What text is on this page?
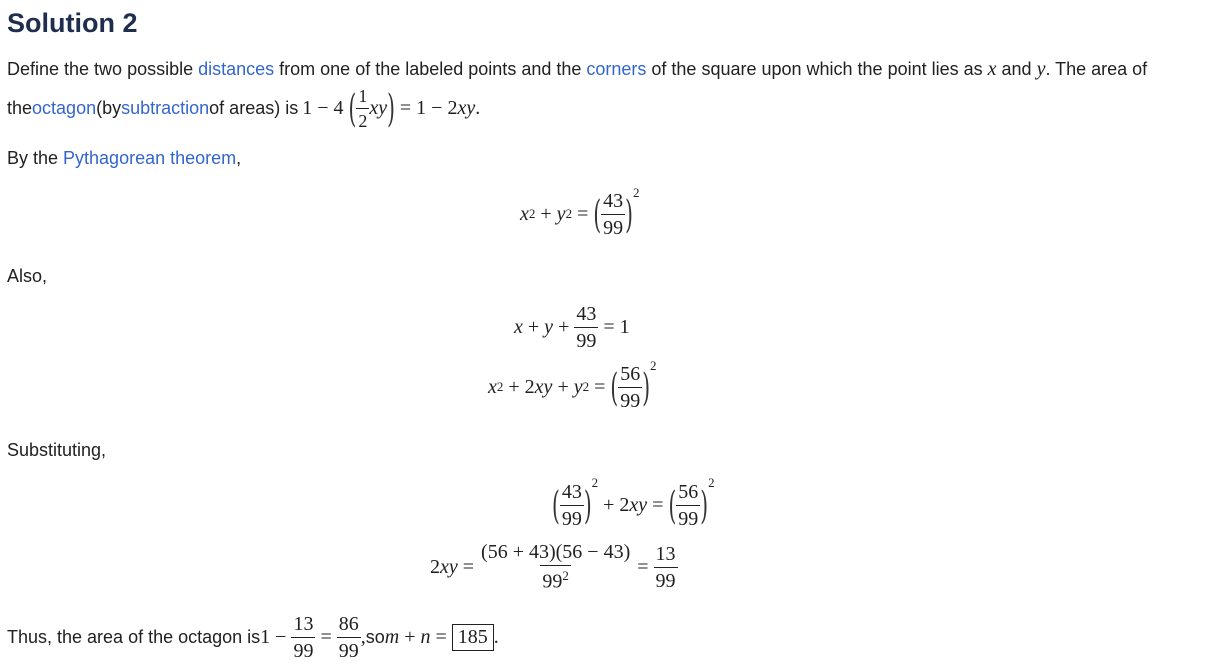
Solution 2
Define the two possible distances from one of the labeled points and the corners of the square upon which the point lies as x and y. The area of
the octagon (by subtraction of areas) is 1 − 4 ( $\frac{1}{2}$ xy ) = 1 − 2 xy .
By the Pythagorean theorem,
x 2 + y 2 = ( $\frac{43}{99}$ ) 2
Also,
$x + y + \frac{43}{99} = 1$
x 2 + 2 xy + y 2 = ( $\frac{56}{99}$ ) 2
Substituting,
( $\frac{43}{99}$ ) 2
+ 2 xy = ( $\frac{56}{99}$ ) 2
2 xy = $\frac{(56 + 43)(56 - 43)}{99^2} = \frac{13}{99}$
Thus, the area of the octagon is $1 - \frac{13}{99} = \frac{86}{99}$ , so m + n = 185 .
